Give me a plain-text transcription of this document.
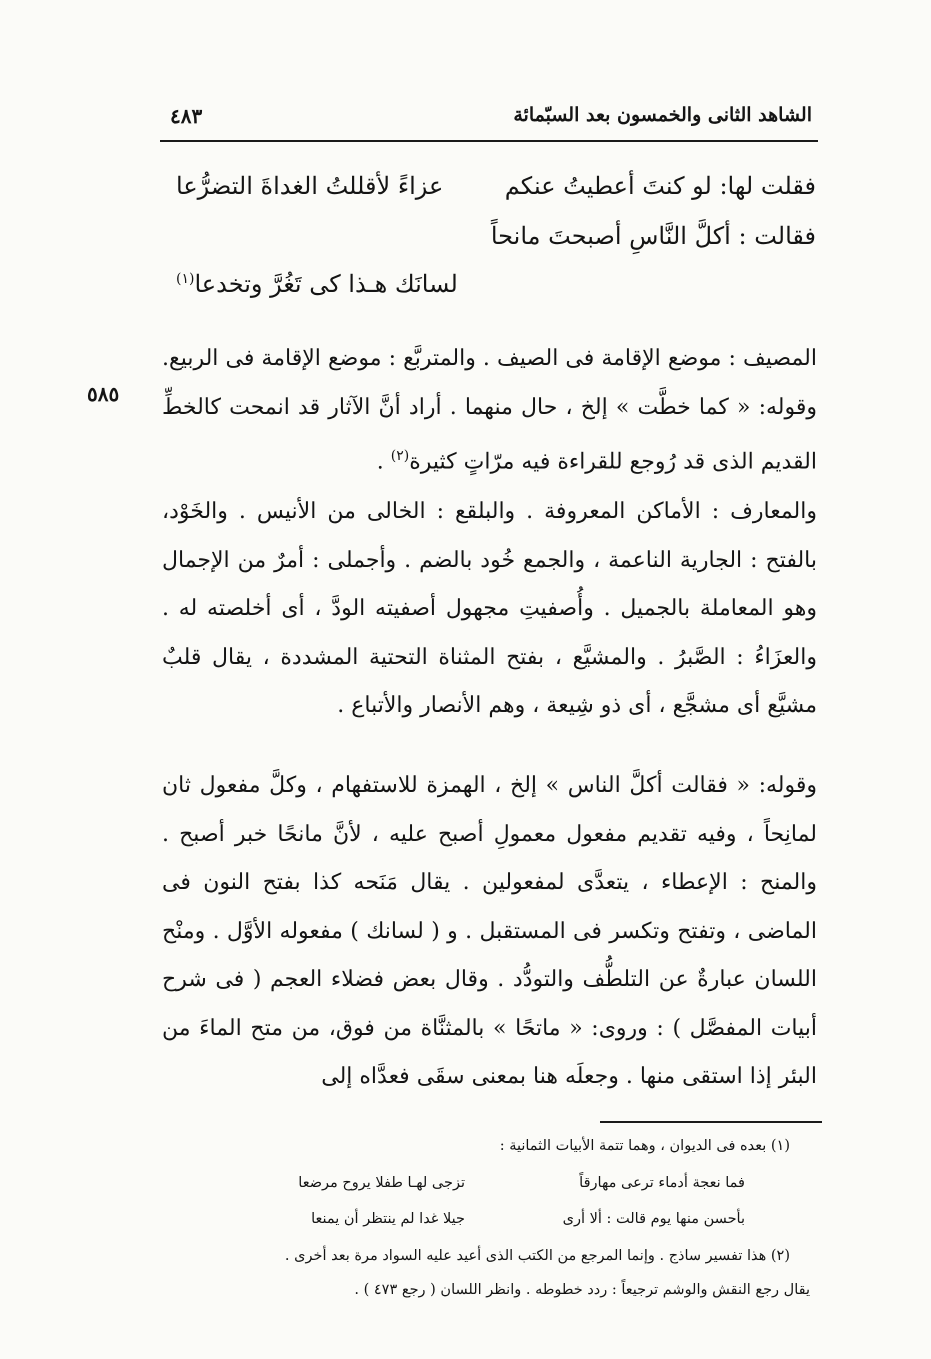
الشاهد الثانى والخمسون بعد السبّمائة
٤٨٣
٥٨٥
فقلت لها: لو كنتَ أعطيتُ عنكم
عزاءً لأقللتُ الغداةَ التضرُّعا
فقالت : أكلَّ النَّاسِ أصبحتَ مانحاً
لسانَك هـذا كى تَغُرَّ وتخدعا$^{(١)}$

المصيف : موضع الإقامة فى الصيف . والمتربَّع : موضع الإقامة فى الربيع. وقوله: « كما خطَّت » إلخ ، حال منهما . أراد أنَّ الآثار قد انمحت كالخطِّ القديم الذى قد رُوجع للقراءة فيه مرّاتٍ كثيرة$^{(٢)}$ .

والمعارف : الأماكن المعروفة . والبلقع : الخالى من الأنيس . والخَوْد، بالفتح : الجارية الناعمة ، والجمع خُود بالضم . وأجملى : أمرٌ من الإجمال وهو المعاملة بالجميل . وأُصفيتِ مجهول أصفيته الودَّ ، أى أخلصته له . والعزَاءُ : الصَّبرُ . والمشيَّع ، بفتح المثناة التحتية المشددة ، يقال قلبٌ مشيَّع أى مشجَّع ، أى ذو شِيعة ، وهم الأنصار والأتباع .

وقوله: « فقالت أكلَّ الناس » إلخ ، الهمزة للاستفهام ، وكلَّ مفعول ثان لمانِحاً ، وفيه تقديم مفعول معمولِ أصبح عليه ، لأنَّ مانحًا خبر أصبح . والمنح : الإعطاء ، يتعدَّى لمفعولين . يقال مَنَحه كذا بفتح النون فى الماضى ، وتفتح وتكسر فى المستقبل . و ( لسانك ) مفعوله الأوَّل . ومنْح اللسان عبارةٌ عن التلطُّف والتودُّد . وقال بعض فضلاء العجم ( فى شرح أبيات المفصَّل ) : وروى: « ماتحًا » بالمثنَّاة من فوق، من متح الماءَ من البئر إذا استقى منها . وجعلَه هنا بمعنى سقَى فعدَّاه إلى

(١) بعده فى الديوان ، وهما تتمة الأبيات الثمانية :
فما نعجة أدماء ترعى مهارقاً
تزجى لهـا طفلا يروح مرضعا
بأحسن منها يوم قالت : ألا أرى
جيلا غدا لم ينتظر أن يمنعا
(٢) هذا تفسير ساذج . وإنما المرجع من الكتب الذى أعيد عليه السواد مرة بعد أخرى .
يقال رجع النقش والوشم ترجيعاً : ردد خطوطه . وانظر اللسان ( رجع ٤٧٣ ) .
